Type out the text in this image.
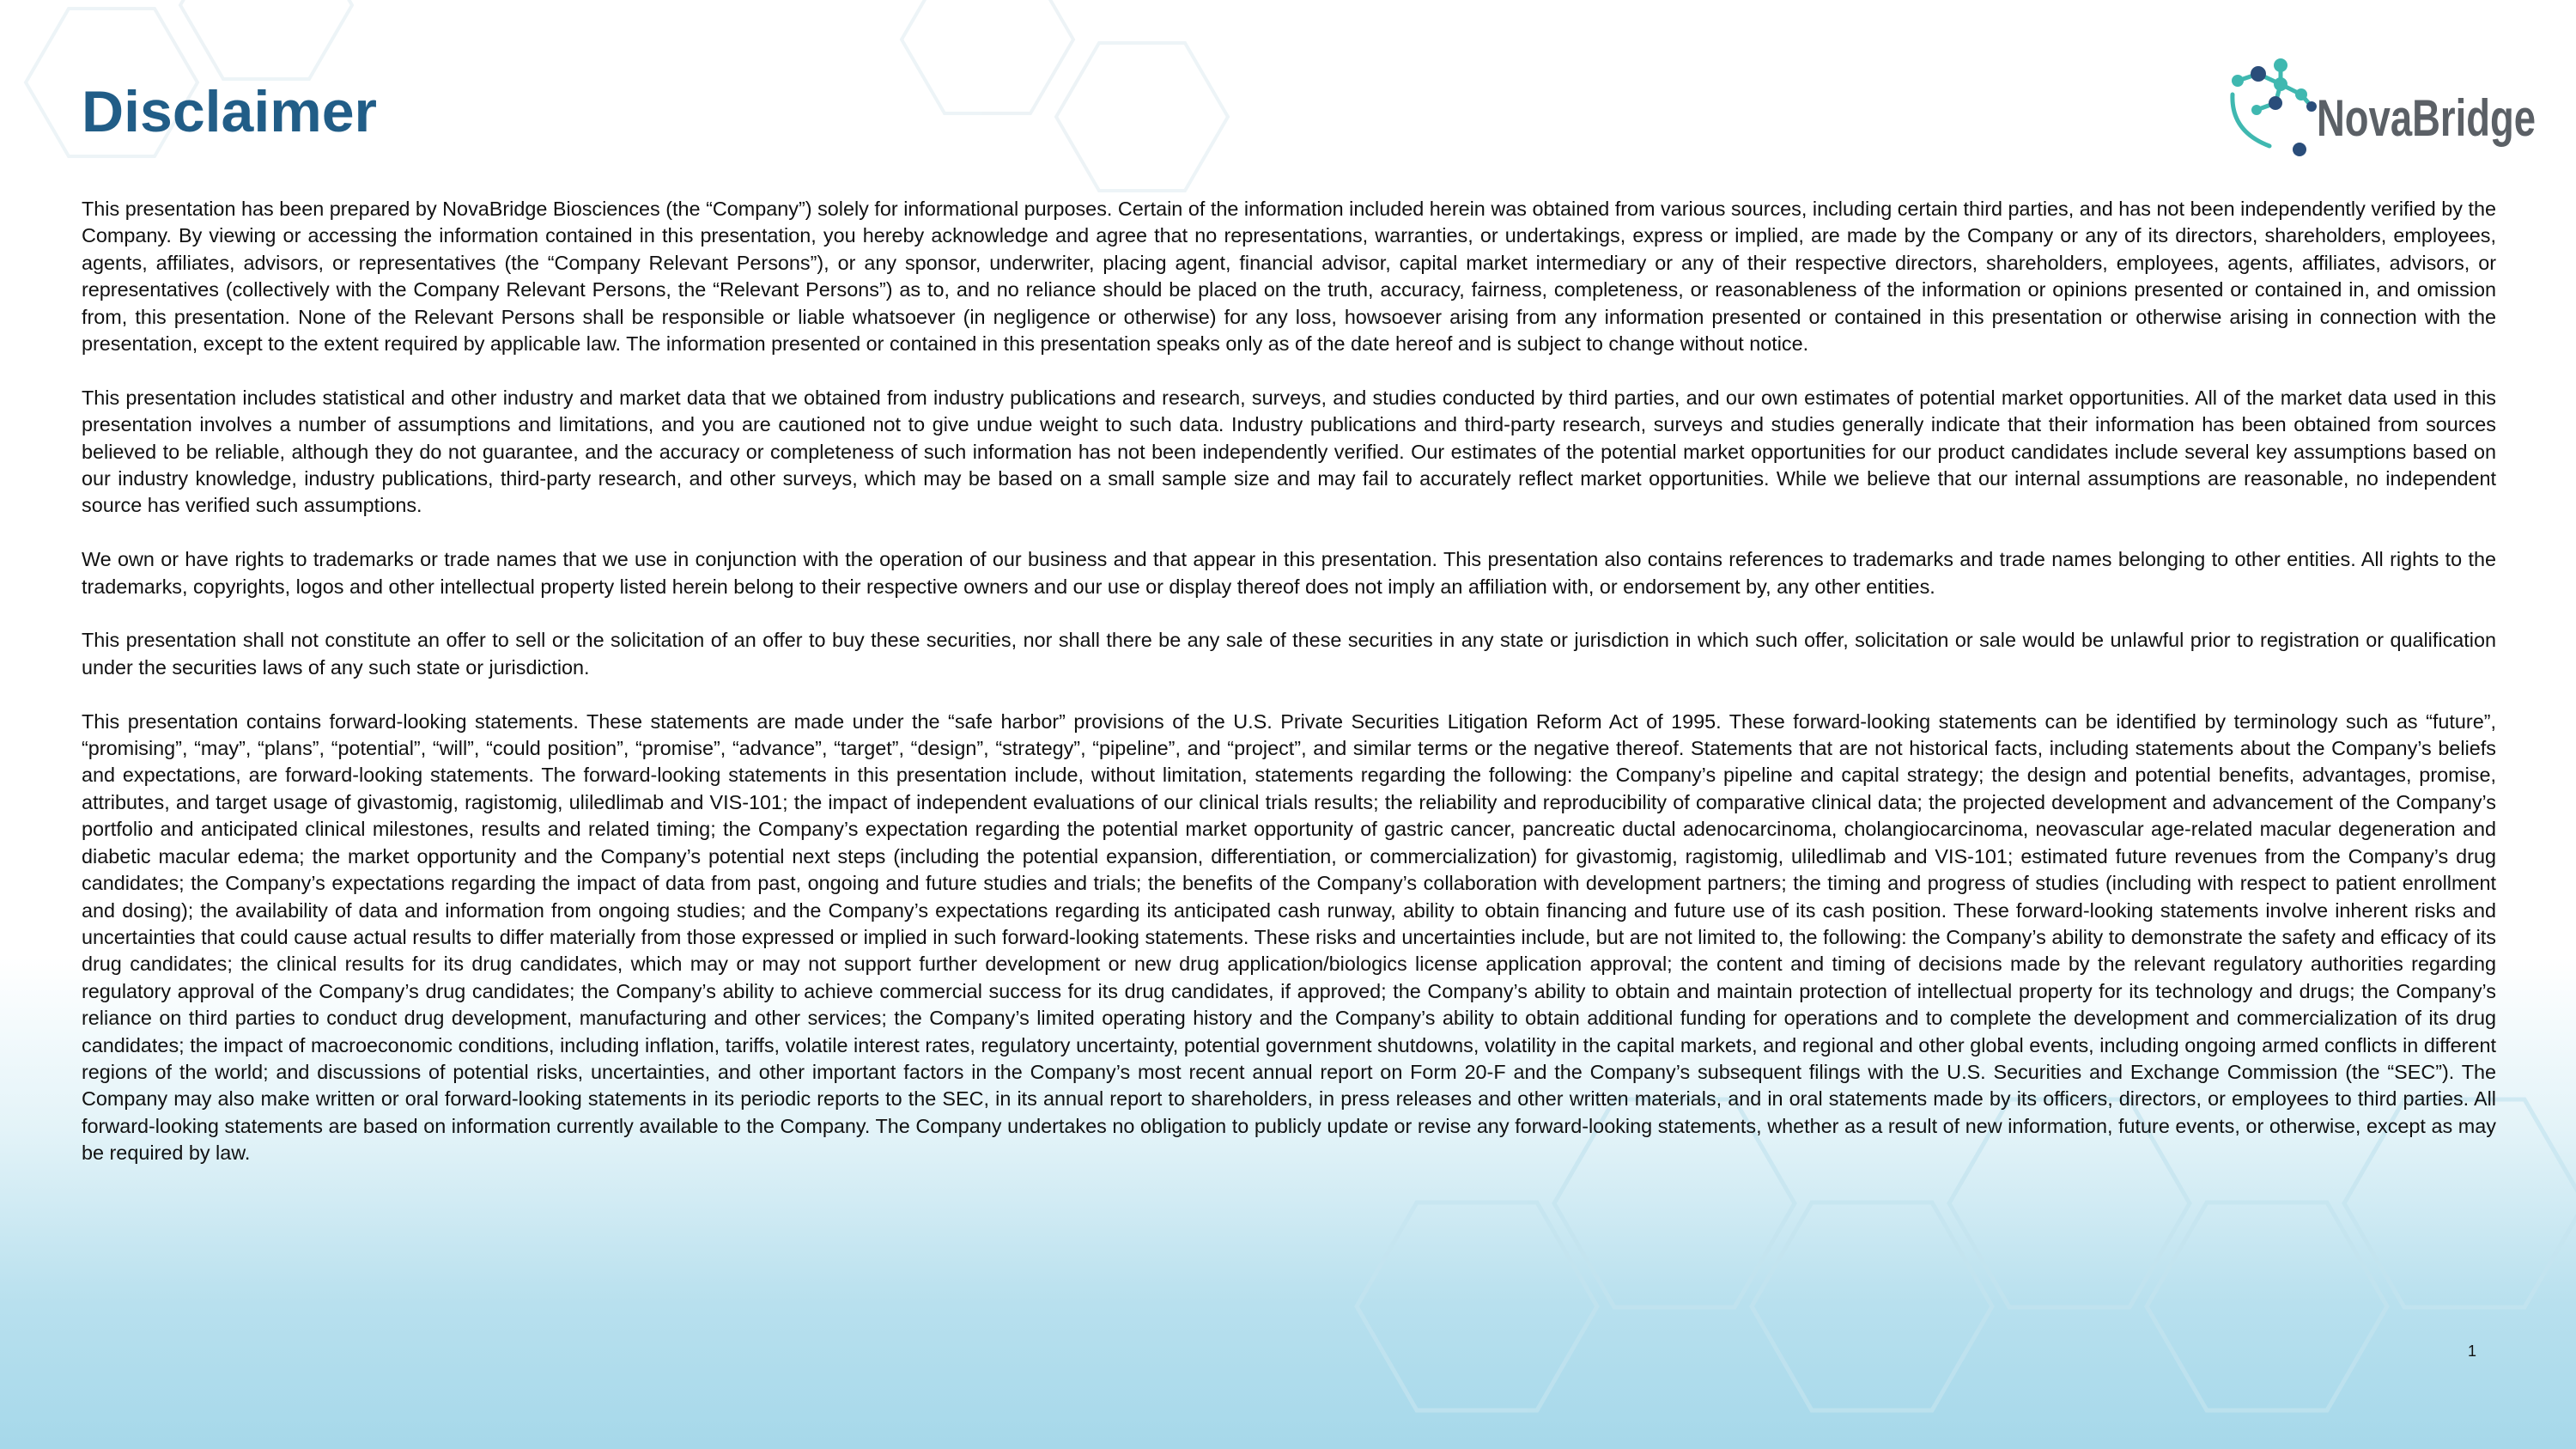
Disclaimer	NovaBridge

This presentation has been prepared by NovaBridge Biosciences (the “Company”) solely for informational purposes. Certain of the information included herein was obtained from various sources, including certain third parties, and has not been independently verified by the Company. By viewing or accessing the information contained in this presentation, you hereby acknowledge and agree that no representations, warranties, or undertakings, express or implied, are made by the Company or any of its directors, shareholders, employees, agents, affiliates, advisors, or representatives (the “Company Relevant Persons”), or any sponsor, underwriter, placing agent, financial advisor, capital market intermediary or any of their respective directors, shareholders, employees, agents, affiliates, advisors, or representatives (collectively with the Company Relevant Persons, the “Relevant Persons”) as to, and no reliance should be placed on the truth, accuracy, fairness, completeness, or reasonableness of the information or opinions presented or contained in, and omission from, this presentation. None of the Relevant Persons shall be responsible or liable whatsoever (in negligence or otherwise) for any loss, howsoever arising from any information presented or contained in this presentation or otherwise arising in connection with the presentation, except to the extent required by applicable law. The information presented or contained in this presentation speaks only as of the date hereof and is subject to change without notice.

This presentation includes statistical and other industry and market data that we obtained from industry publications and research, surveys, and studies conducted by third parties, and our own estimates of potential market opportunities. All of the market data used in this presentation involves a number of assumptions and limitations, and you are cautioned not to give undue weight to such data. Industry publications and third-party research, surveys and studies generally indicate that their information has been obtained from sources believed to be reliable, although they do not guarantee, and the accuracy or completeness of such information has not been independently verified. Our estimates of the potential market opportunities for our product candidates include several key assumptions based on our industry knowledge, industry publications, third-party research, and other surveys, which may be based on a small sample size and may fail to accurately reflect market opportunities. While we believe that our internal assumptions are reasonable, no independent source has verified such assumptions.

We own or have rights to trademarks or trade names that we use in conjunction with the operation of our business and that appear in this presentation. This presentation also contains references to trademarks and trade names belonging to other entities. All rights to the trademarks, copyrights, logos and other intellectual property listed herein belong to their respective owners and our use or display thereof does not imply an affiliation with, or endorsement by, any other entities.

This presentation shall not constitute an offer to sell or the solicitation of an offer to buy these securities, nor shall there be any sale of these securities in any state or jurisdiction in which such offer, solicitation or sale would be unlawful prior to registration or qualification under the securities laws of any such state or jurisdiction.

This presentation contains forward-looking statements. These statements are made under the “safe harbor” provisions of the U.S. Private Securities Litigation Reform Act of 1995. These forward-looking statements can be identified by terminology such as “future”, “promising”, “may”, “plans”, “potential”, “will”, “could position”, “promise”, “advance”, “target”, “design”, “strategy”, “pipeline”, and “project”, and similar terms or the negative thereof. Statements that are not historical facts, including statements about the Company’s beliefs and expectations, are forward-looking statements. The forward-looking statements in this presentation include, without limitation, statements regarding the following: the Company’s pipeline and capital strategy; the design and potential benefits, advantages, promise, attributes, and target usage of givastomig, ragistomig, uliledlimab and VIS-101; the impact of independent evaluations of our clinical trials results; the reliability and reproducibility of comparative clinical data; the projected development and advancement of the Company’s portfolio and anticipated clinical milestones, results and related timing; the Company’s expectation regarding the potential market opportunity of gastric cancer, pancreatic ductal adenocarcinoma, cholangiocarcinoma, neovascular age-related macular degeneration and diabetic macular edema; the market opportunity and the Company’s potential next steps (including the potential expansion, differentiation, or commercialization) for givastomig, ragistomig, uliledlimab and VIS-101; estimated future revenues from the Company’s drug candidates; the Company’s expectations regarding the impact of data from past, ongoing and future studies and trials; the benefits of the Company’s collaboration with development partners; the timing and progress of studies (including with respect to patient enrollment and dosing); the availability of data and information from ongoing studies; and the Company’s expectations regarding its anticipated cash runway, ability to obtain financing and future use of its cash position. These forward-looking statements involve inherent risks and uncertainties that could cause actual results to differ materially from those expressed or implied in such forward-looking statements. These risks and uncertainties include, but are not limited to, the following: the Company’s ability to demonstrate the safety and efficacy of its drug candidates; the clinical results for its drug candidates, which may or may not support further development or new drug application/biologics license application approval; the content and timing of decisions made by the relevant regulatory authorities regarding regulatory approval of the Company’s drug candidates; the Company’s ability to achieve commercial success for its drug candidates, if approved; the Company’s ability to obtain and maintain protection of intellectual property for its technology and drugs; the Company’s reliance on third parties to conduct drug development, manufacturing and other services; the Company’s limited operating history and the Company’s ability to obtain additional funding for operations and to complete the development and commercialization of its drug candidates; the impact of macroeconomic conditions, including inflation, tariffs, volatile interest rates, regulatory uncertainty, potential government shutdowns, volatility in the capital markets, and regional and other global events, including ongoing armed conflicts in different regions of the world; and discussions of potential risks, uncertainties, and other important factors in the Company’s most recent annual report on Form 20-F and the Company’s subsequent filings with the U.S. Securities and Exchange Commission (the “SEC”). The Company may also make written or oral forward-looking statements in its periodic reports to the SEC, in its annual report to shareholders, in press releases and other written materials, and in oral statements made by its officers, directors, or employees to third parties. All forward-looking statements are based on information currently available to the Company. The Company undertakes no obligation to publicly update or revise any forward-looking statements, whether as a result of new information, future events, or otherwise, except as may be required by law.

1
